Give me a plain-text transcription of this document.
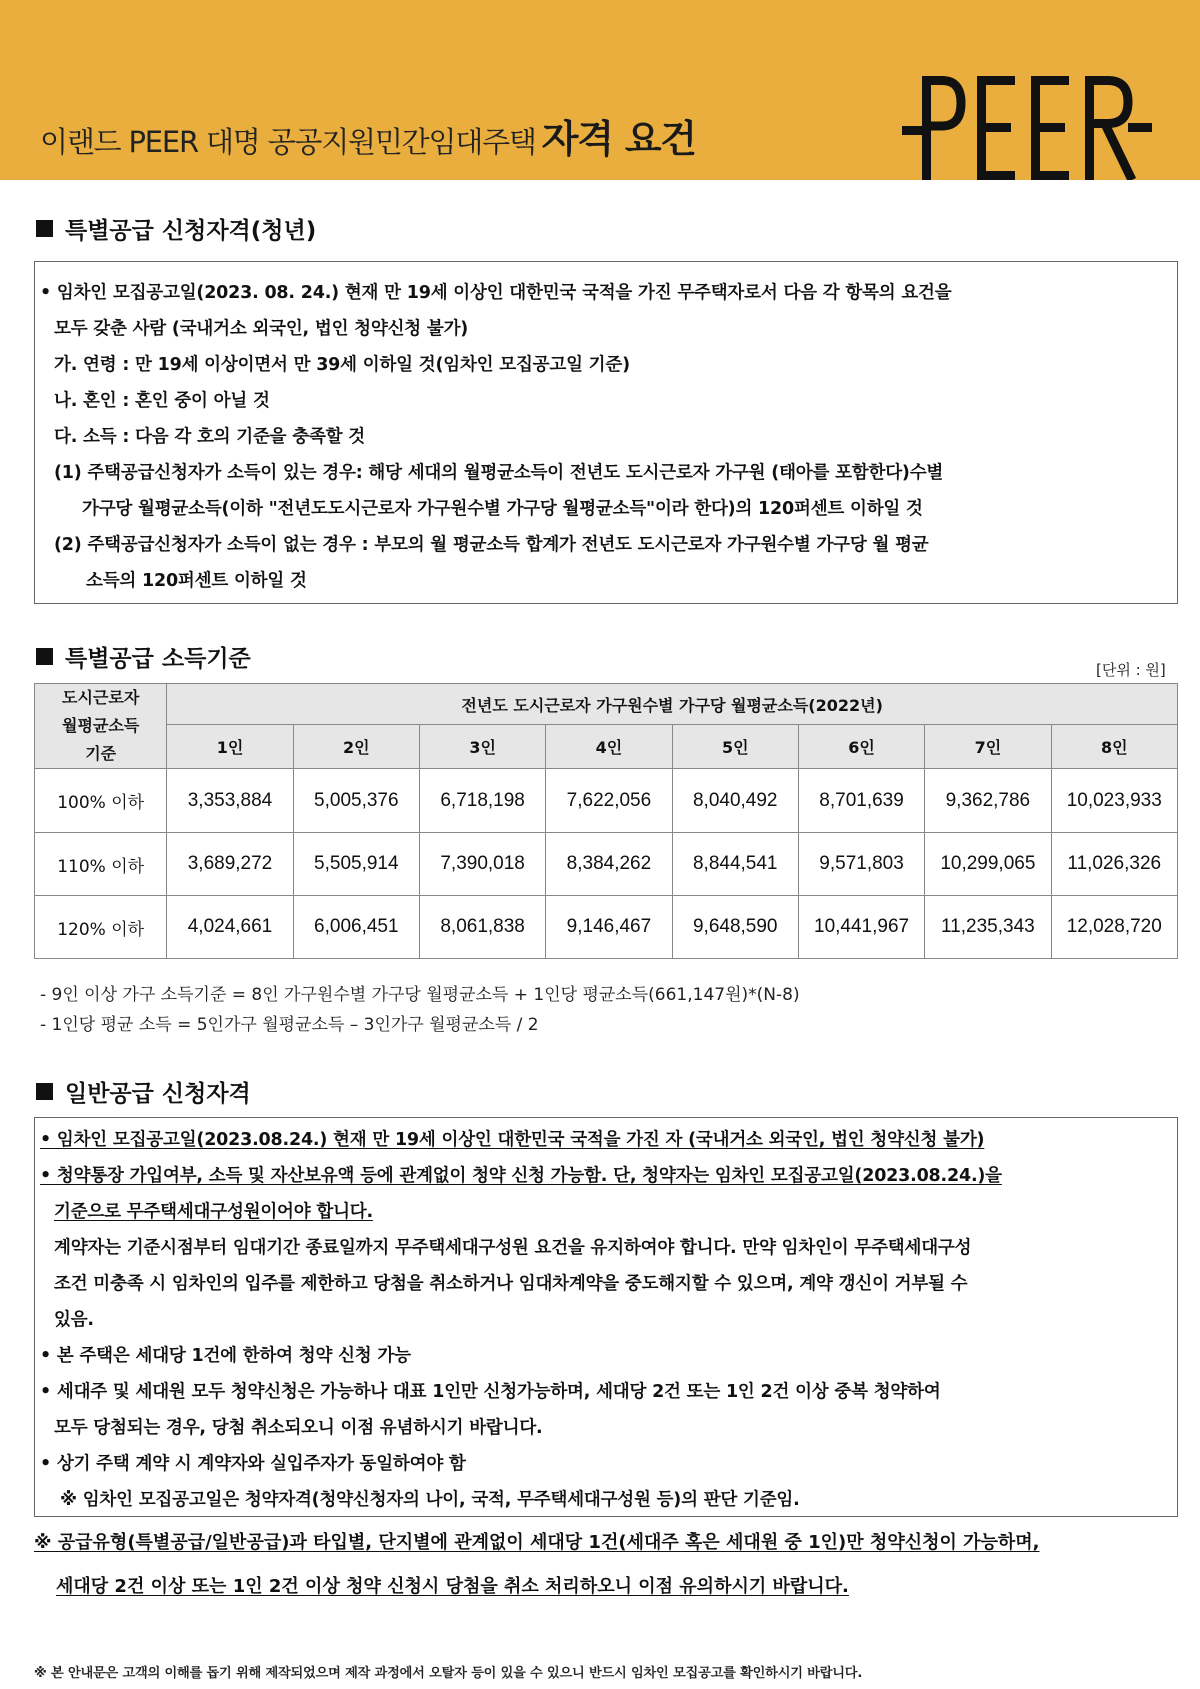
이랜드 PEER 대명 공공지원민간임대주택 자격 요건
특별공급 신청자격(청년)
• 임차인 모집공고일(2023. 08. 24.) 현재 만 19세 이상인 대한민국 국적을 가진 무주택자로서 다음 각 항목의 요건을
모두 갖춘 사람 (국내거소 외국인, 법인 청약신청 불가)
가. 연령 : 만 19세 이상이면서 만 39세 이하일 것(임차인 모집공고일 기준)
나. 혼인 : 혼인 중이 아닐 것
다. 소득 : 다음 각 호의 기준을 충족할 것
(1) 주택공급신청자가 소득이 있는 경우: 해당 세대의 월평균소득이 전년도 도시근로자 가구원 (태아를 포함한다)수별
가구당 월평균소득(이하 "전년도도시근로자 가구원수별 가구당 월평균소득"이라 한다)의 120퍼센트 이하일 것
(2) 주택공급신청자가 소득이 없는 경우 : 부모의 월 평균소득 합계가 전년도 도시근로자 가구원수별 가구당 월 평균
소득의 120퍼센트 이하일 것
특별공급 소득기준	[단위 : 원]
도시근로자
월평균소득
기준	전년도 도시근로자 가구원수별 가구당 월평균소득(2022년)							
	1인	2인	3인	4인	5인	6인	7인	8인
100% 이하	3,353,884	5,005,376	6,718,198	7,622,056	8,040,492	8,701,639	9,362,786	10,023,933
110% 이하	3,689,272	5,505,914	7,390,018	8,384,262	8,844,541	9,571,803	10,299,065	11,026,326
120% 이하	4,024,661	6,006,451	8,061,838	9,146,467	9,648,590	10,441,967	11,235,343	12,028,720
- 9인 이상 가구 소득기준 = 8인 가구원수별 가구당 월평균소득 + 1인당 평균소득(661,147원)*(N-8)
- 1인당 평균 소득 = 5인가구 월평균소득 – 3인가구 월평균소득 / 2
일반공급 신청자격
• 임차인 모집공고일(2023.08.24.) 현재 만 19세 이상인 대한민국 국적을 가진 자 (국내거소 외국인, 법인 청약신청 불가)
• 청약통장 가입여부, 소득 및 자산보유액 등에 관계없이 청약 신청 가능함. 단, 청약자는 임차인 모집공고일(2023.08.24.)을
기준으로 무주택세대구성원이어야 합니다.
계약자는 기준시점부터 임대기간 종료일까지 무주택세대구성원 요건을 유지하여야 합니다. 만약 임차인이 무주택세대구성
조건 미충족 시 임차인의 입주를 제한하고 당첨을 취소하거나 임대차계약을 중도해지할 수 있으며, 계약 갱신이 거부될 수
있음.
• 본 주택은 세대당 1건에 한하여 청약 신청 가능
• 세대주 및 세대원 모두 청약신청은 가능하나 대표 1인만 신청가능하며, 세대당 2건 또는 1인 2건 이상 중복 청약하여
모두 당첨되는 경우, 당첨 취소되오니 이점 유념하시기 바랍니다.
• 상기 주택 계약 시 계약자와 실입주자가 동일하여야 함
※ 임차인 모집공고일은 청약자격(청약신청자의 나이, 국적, 무주택세대구성원 등)의 판단 기준임.
※ 공급유형(특별공급/일반공급)과 타입별, 단지별에 관계없이 세대당 1건(세대주 혹은 세대원 중 1인)만 청약신청이 가능하며,
세대당 2건 이상 또는 1인 2건 이상 청약 신청시 당첨을 취소 처리하오니 이점 유의하시기 바랍니다.
※ 본 안내문은 고객의 이해를 돕기 위해 제작되었으며 제작 과정에서 오탈자 등이 있을 수 있으니 반드시 임차인 모집공고를 확인하시기 바랍니다.
